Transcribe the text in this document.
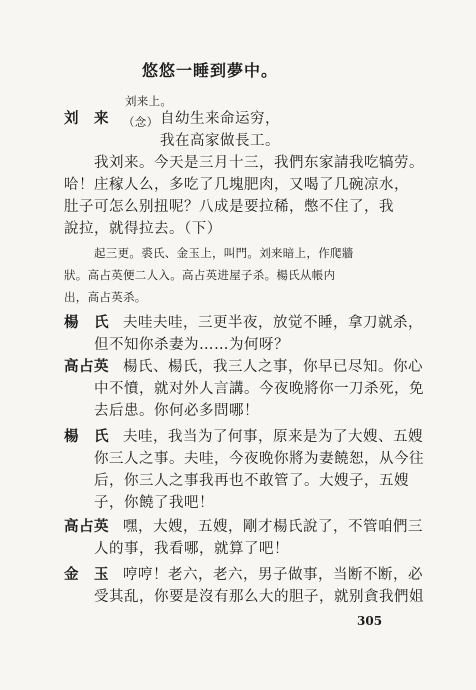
悠悠一睡到夢中。
刘来上。
刘　来 （念） 自幼生来命运穷，
我在高家做長工。
我刘来。今天是三月十三，我們东家請我吃犒劳。
哈！庄稼人么，多吃了几塊肥肉，又喝了几碗凉水，
肚子可怎么别扭呢？八成是要拉稀，憋不住了，我
說拉，就得拉去。（下）
起三更。裘氏、金玉上，叫門。刘来暗上，作爬牆
狀。高占英便二人入。高占英进屋子杀。楊氏从帳内
出，高占英杀。
楊　氏 夫哇夫哇，三更半夜，放觉不睡，拿刀就杀，
但不知你杀妻为……为何呀？
高占英 楊氏、楊氏，我三人之事，你早已尽知。你心
中不憤，就对外人言講。今夜晚將你一刀杀死，免
去后患。你何必多問哪！
楊　氏 夫哇，我当为了何事，原来是为了大嫂、五嫂
你三人之事。夫哇，今夜晚你將为妻饒恕，从今往
后，你三人之事我再也不敢管了。大嫂子，五嫂
子，你饒了我吧！
高占英 嘿，大嫂，五嫂，剛才楊氏說了，不管咱們三
人的事，我看哪，就算了吧！
金　玉 哼哼！老六，老六，男子做事，当断不断，必
受其乱，你要是沒有那么大的胆子，就别貪我們姐
305
